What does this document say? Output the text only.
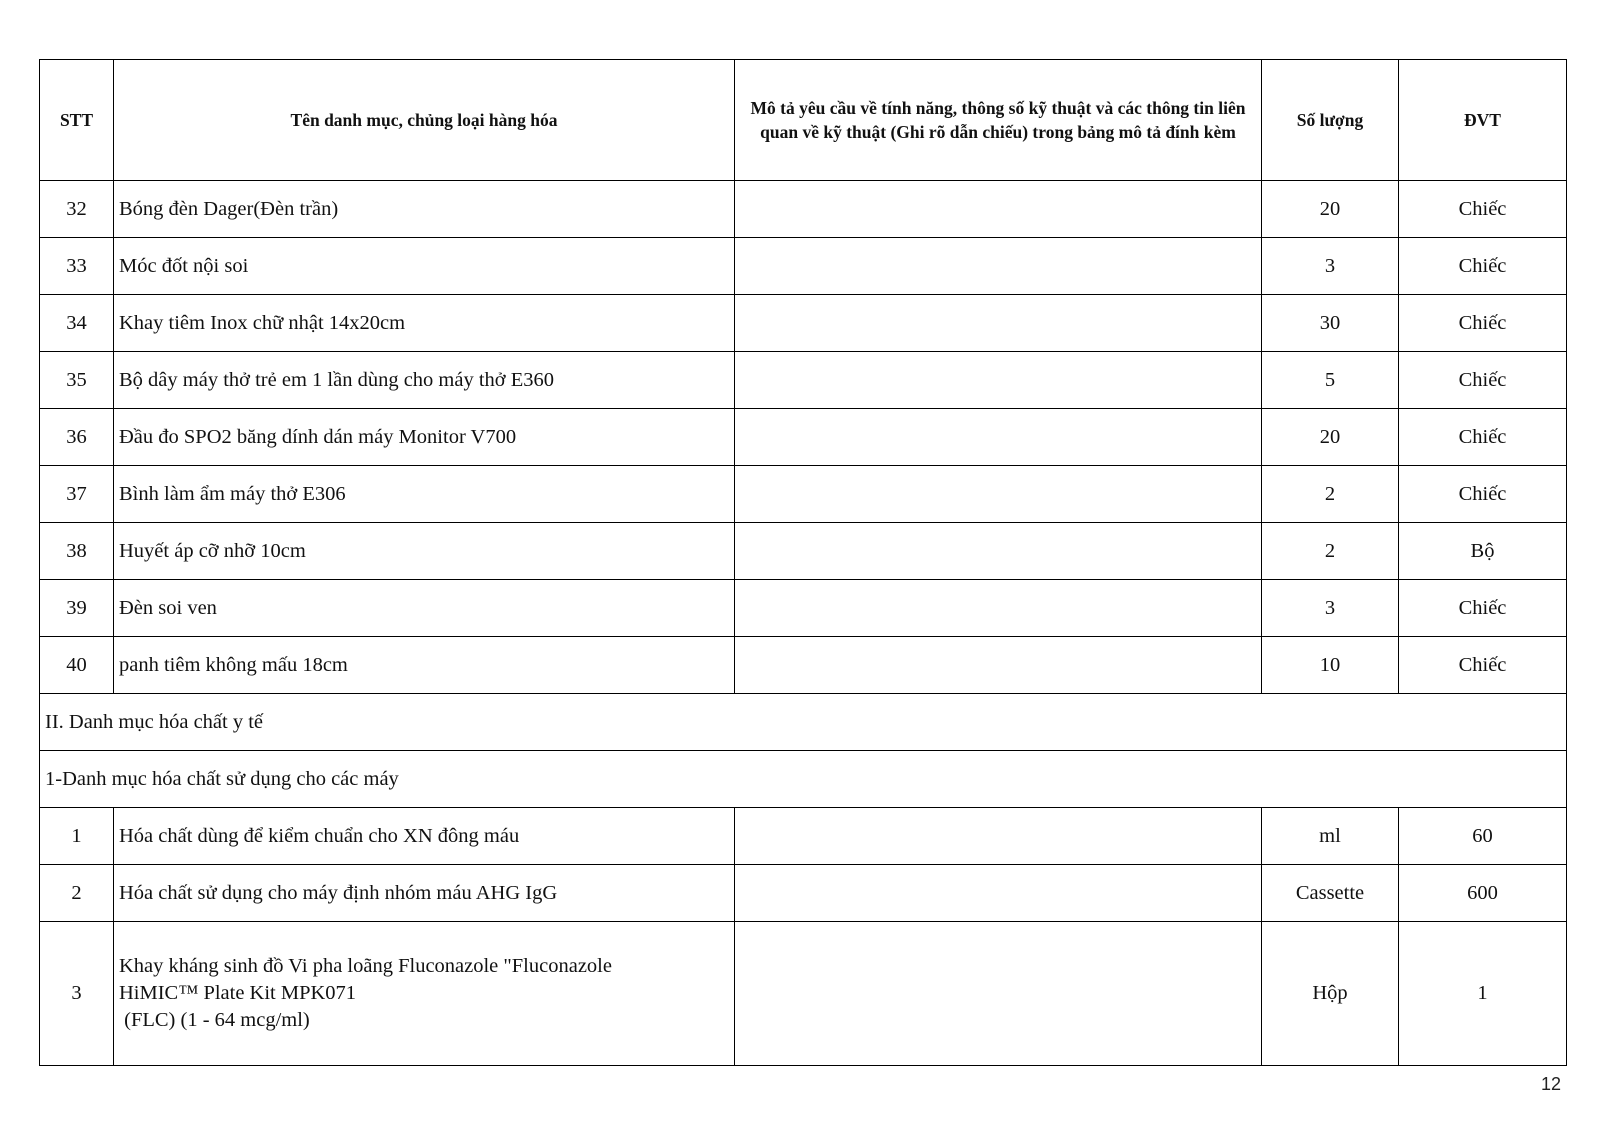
STT	Tên danh mục, chủng loại hàng hóa	Mô tả yêu cầu về tính năng, thông số kỹ thuật và các thông tin liên quan về kỹ thuật (Ghi rõ dẫn chiếu) trong bảng mô tả đính kèm	Số lượng	ĐVT
32	Bóng đèn Dager(Đèn trần)		20	Chiếc
33	Móc đốt nội soi		3	Chiếc
34	Khay tiêm Inox chữ nhật 14x20cm		30	Chiếc
35	Bộ dây máy thở trẻ em 1 lần dùng cho máy thở E360		5	Chiếc
36	Đầu đo SPO2 băng dính dán máy Monitor V700		20	Chiếc
37	Bình làm ẩm máy thở E306		2	Chiếc
38	Huyết áp cỡ nhỡ 10cm		2	Bộ
39	Đèn soi ven		3	Chiếc
40	panh tiêm không mấu 18cm		10	Chiếc
II. Danh mục hóa chất y tế				
1-Danh mục hóa chất sử dụng cho các máy				
1	Hóa chất dùng để kiểm chuẩn cho XN đông máu		ml	60
2	Hóa chất sử dụng cho máy định nhóm máu AHG IgG		Cassette	600
3	Khay kháng sinh đồ Vi pha loãng Fluconazole "Fluconazole
HiMIC™ Plate Kit MPK071
(FLC) (1 - 64 mcg/ml)		Hộp	1
12
